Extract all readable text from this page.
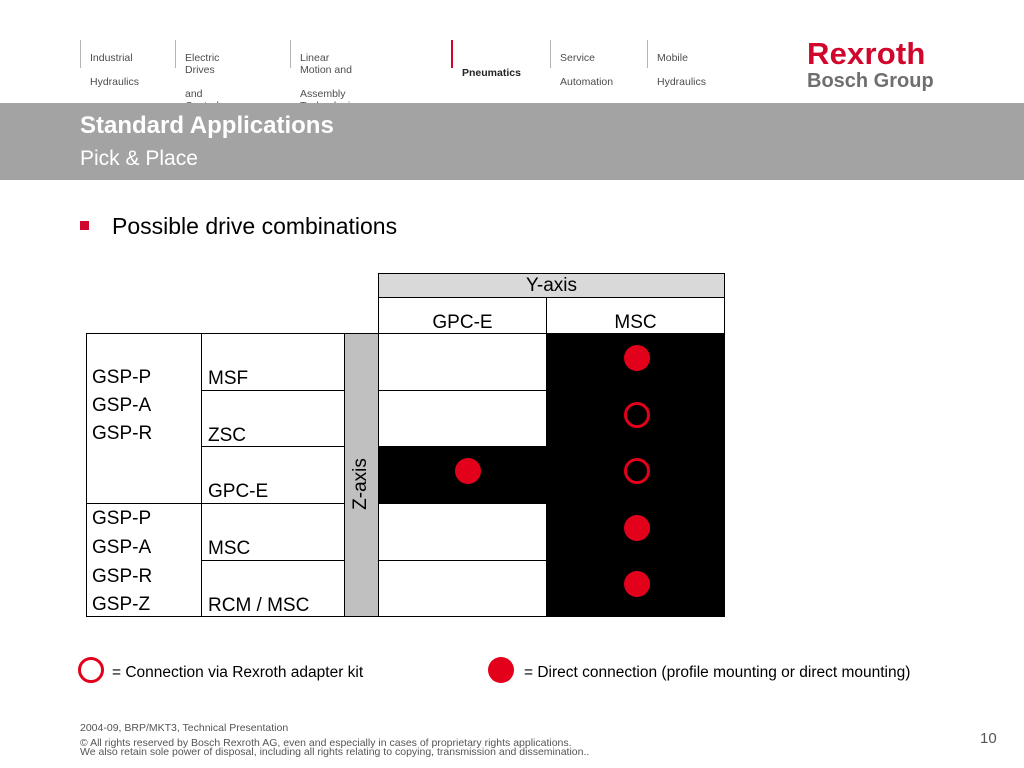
Industrial

Hydraulics

Electric Drives

and

Linear Motion and

Assembly

Pneumatics

Service

Automation

Mobile

Hydraulics

Rexroth
Bosch Group
Standard Applications
Pick & Place
Possible drive combinations
Y-axis
GPC-E	MSC
GSP-P
GSP-A
GSP-R
GSP-P
GSP-A
GSP-R
GSP-Z
MSF
ZSC
GPC-E
MSC
RCM / MSC
Z-axis
= Connection via Rexroth adapter kit	= Direct connection (profile mounting or direct mounting)
2004-09, BRP/MKT3, Technical Presentation
© All rights reserved by Bosch Rexroth AG, even and especially in cases of proprietary rights applications.
We also retain sole power of disposal, including all rights relating to copying, transmission and dissemination..
10
